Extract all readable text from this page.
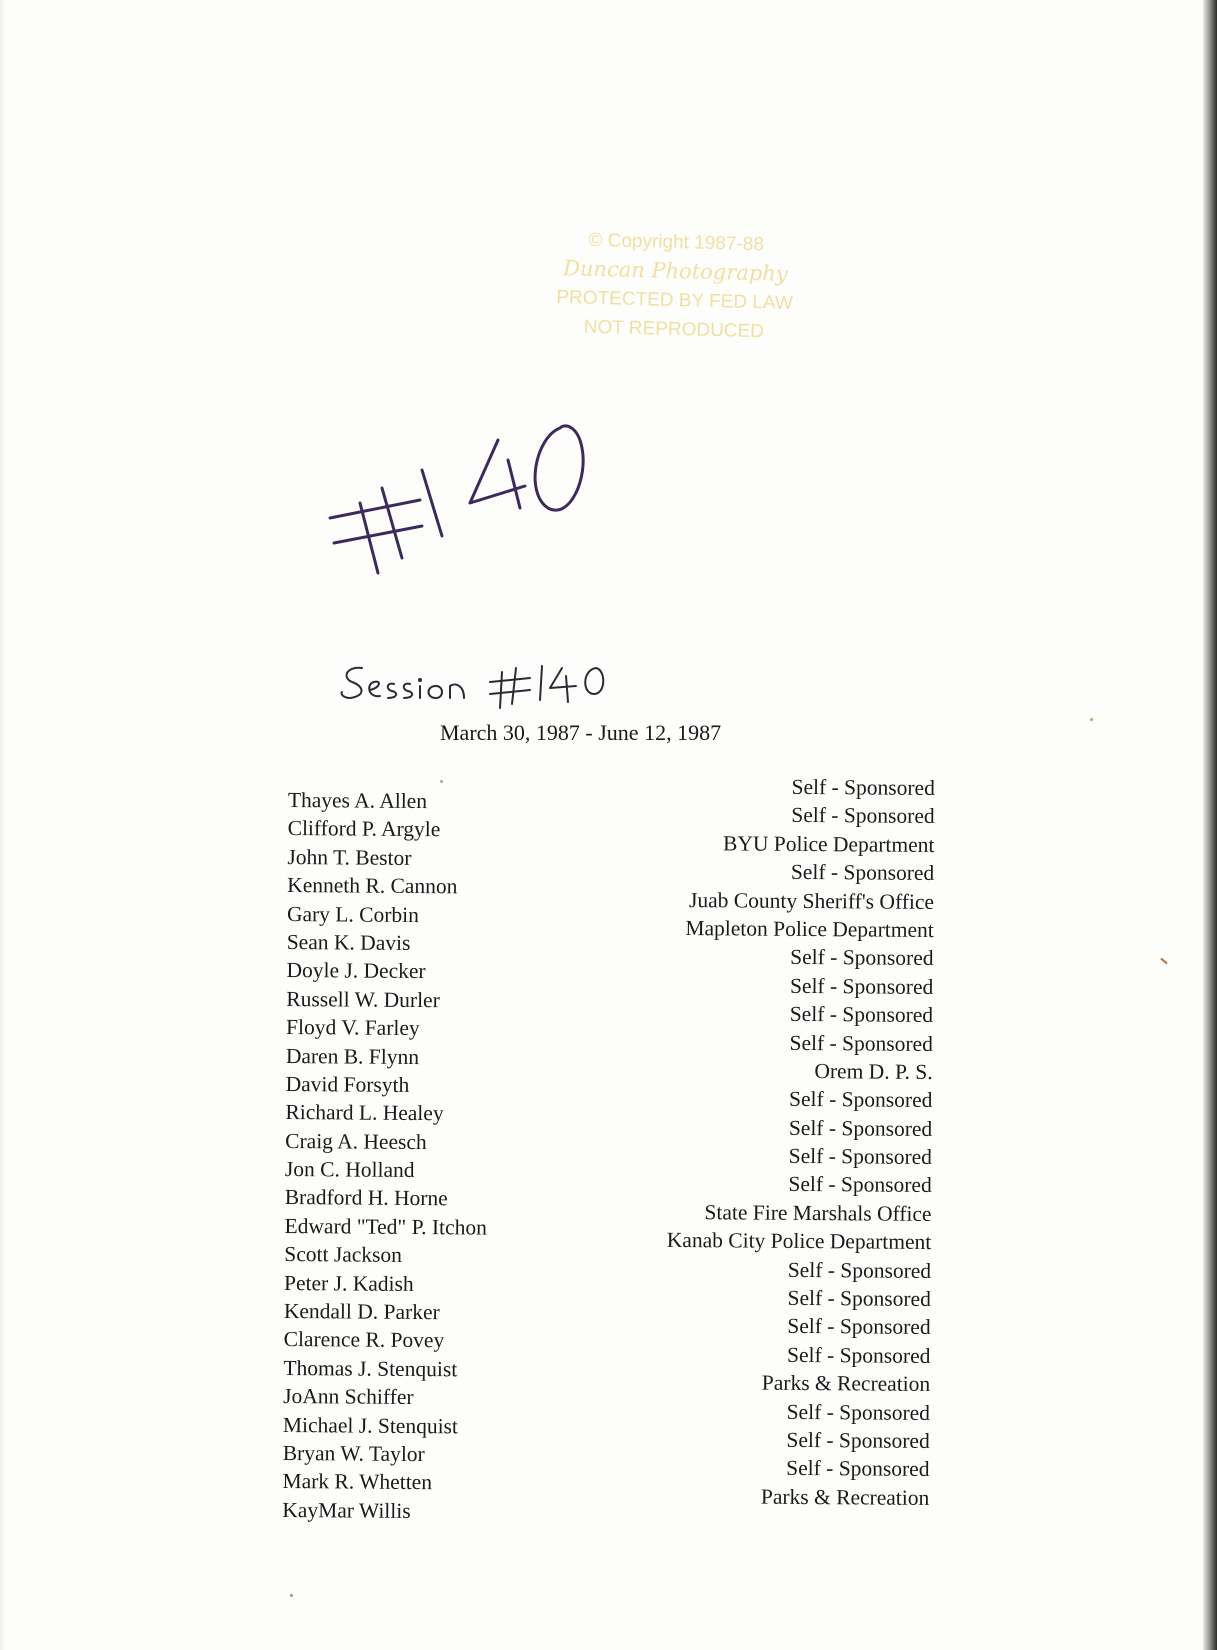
© Copyright 1987-88
Duncan Photography
PROTECTED BY FED LAW
NOT REPRODUCED
March 30, 1987 - June 12, 1987
Thayes A. Allen
Clifford P. Argyle
John T. Bestor
Kenneth R. Cannon
Gary L. Corbin
Sean K. Davis
Doyle J. Decker
Russell W. Durler
Floyd V. Farley
Daren B. Flynn
David Forsyth
Richard L. Healey
Craig A. Heesch
Jon C. Holland
Bradford H. Horne
Edward "Ted" P. Itchon
Scott Jackson
Peter J. Kadish
Kendall D. Parker
Clarence R. Povey
Thomas J. Stenquist
JoAnn Schiffer
Michael J. Stenquist
Bryan W. Taylor
Mark R. Whetten
KayMar Willis
Self - Sponsored
Self - Sponsored
BYU Police Department
Self - Sponsored
Juab County Sheriff's Office
Mapleton Police Department
Self - Sponsored
Self - Sponsored
Self - Sponsored
Self - Sponsored
Orem D. P. S.
Self - Sponsored
Self - Sponsored
Self - Sponsored
Self - Sponsored
State Fire Marshals Office
Kanab City Police Department
Self - Sponsored
Self - Sponsored
Self - Sponsored
Self - Sponsored
Parks & Recreation
Self - Sponsored
Self - Sponsored
Self - Sponsored
Parks & Recreation
